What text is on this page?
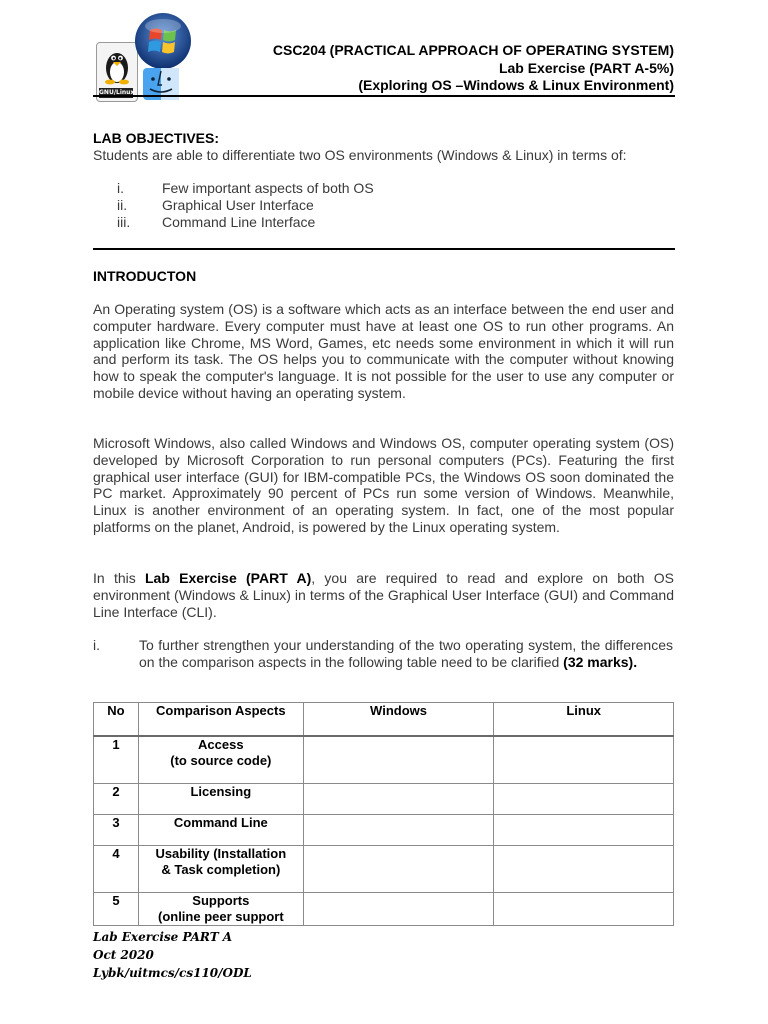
GNU/Linux
CSC204 (PRACTICAL APPROACH OF OPERATING SYSTEM)
Lab Exercise (PART A-5%)
(Exploring OS –Windows & Linux Environment)
LAB OBJECTIVES:
Students are able to differentiate two OS environments (Windows & Linux) in terms of:
i.	Few important aspects of both OS
ii. Graphical User Interface
iii. Command Line Interface
INTRODUCTON
An Operating system (OS) is a software which acts as an interface between the end user and computer hardware. Every computer must have at least one OS to run other programs. An application like Chrome, MS Word, Games, etc needs some environment in which it will run and perform its task. The OS helps you to communicate with the computer without knowing how to speak the computer's language. It is not possible for the user to use any computer or mobile device without having an operating system.
Microsoft Windows, also called Windows and Windows OS, computer operating system (OS) developed by Microsoft Corporation to run personal computers (PCs). Featuring the first graphical user interface (GUI) for IBM-compatible PCs, the Windows OS soon dominated the PC market. Approximately 90 percent of PCs run some version of Windows. Meanwhile, Linux is another environment of an operating system. In fact, one of the most popular platforms on the planet, Android, is powered by the Linux operating system.
In this Lab Exercise (PART A), you are required to read and explore on both OS environment (Windows & Linux) in terms of the Graphical User Interface (GUI) and Command Line Interface (CLI).
i.	To further strengthen your understanding of the two operating system, the differences on the comparison aspects in the following table need to be clarified (32 marks).
No	Comparison Aspects	Windows	Linux
1	Access
(to source code)		
2	Licensing		
3	Command Line		
4	Usability (Installation
& Task completion)		
5	Supports
(online peer support		
Lab Exercise PART A
Oct 2020
Lybk/uitmcs/cs110/ODL
